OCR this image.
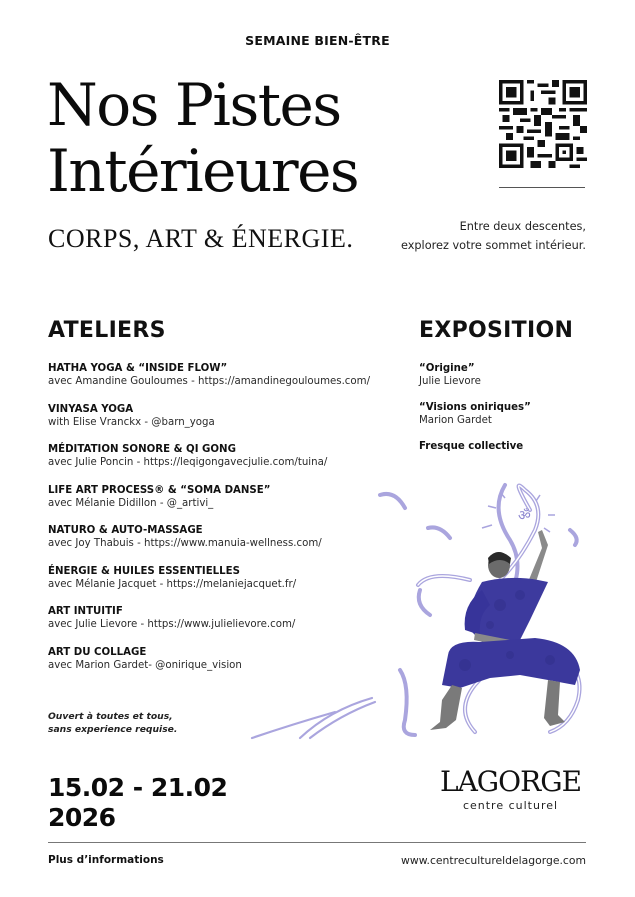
SEMAINE BIEN-ÊTRE
Nos Pistes
Intérieures
CORPS, ART & ÉNERGIE.	Entre deux descentes,
explorez votre sommet intérieur.
ATELIERS
HATHA YOGA & “INSIDE FLOW”
avec Amandine Gouloumes - https://amandinegouloumes.com/
VINYASA YOGA
with Elise Vranckx - @barn_yoga
MÉDITATION SONORE & QI GONG
avec Julie Poncin - https://leqigongavecjulie.com/tuina/
LIFE ART PROCESS® & “SOMA DANSE”
avec Mélanie Didillon - @_artivi_
NATURO & AUTO-MASSAGE
avec Joy Thabuis - https://www.manuia-wellness.com/
ÉNERGIE & HUILES ESSENTIELLES
avec Mélanie Jacquet - https://melaniejacquet.fr/
ART INTUITIF
avec Julie Lievore - https://www.julielievore.com/
ART DU COLLAGE
avec Marion Gardet- @onirique_vision
Ouvert à toutes et tous,
sans experience requise.
EXPOSITION
“Origine”
Julie Lievore
“Visions oniriques”
Marion Gardet
Fresque collective
ॐ
15.02 - 21.02
2026
LAGORGE
centre culturel
Plus d’informations	www.centrecultureldelagorge.com
